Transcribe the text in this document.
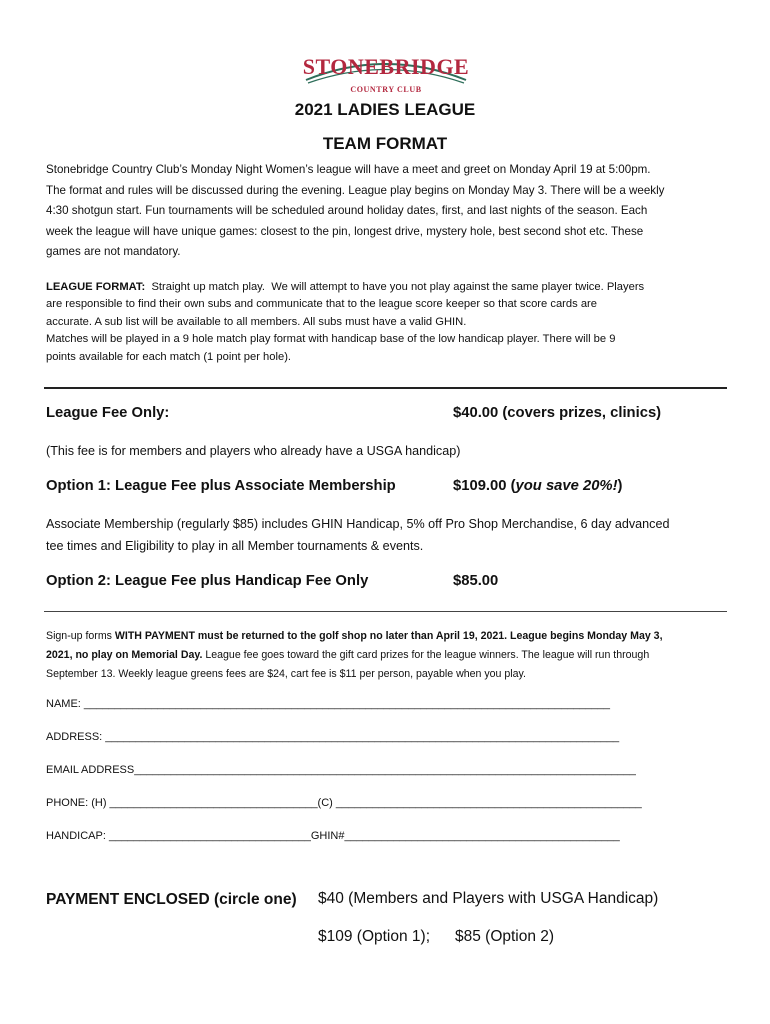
STONEBRIDGE
COUNTRY CLUB
2021 LADIES LEAGUE
TEAM FORMAT
Stonebridge Country Club’s Monday Night Women’s league will have a meet and greet on Monday April 19 at 5:00pm.
The format and rules will be discussed during the evening. League play begins on Monday May 3. There will be a weekly
4:30 shotgun start. Fun tournaments will be scheduled around holiday dates, first, and last nights of the season. Each
week the league will have unique games: closest to the pin, longest drive, mystery hole, best second shot etc. These
games are not mandatory.
LEAGUE FORMAT:  Straight up match play.  We will attempt to have you not play against the same player twice. Players
are responsible to find their own subs and communicate that to the league score keeper so that score cards are
accurate. A sub list will be available to all members. All subs must have a valid GHIN.
Matches will be played in a 9 hole match play format with handicap base of the low handicap player. There will be 9
points available for each match (1 point per hole).
League Fee Only:	$40.00 (covers prizes, clinics)
(This fee is for members and players who already have a USGA handicap)
Option 1: League Fee plus Associate Membership	$109.00 (you save 20%!)
Associate Membership (regularly $85) includes GHIN Handicap, 5% off Pro Shop Merchandise, 6 day advanced
tee times and Eligibility to play in all Member tournaments & events.
Option 2: League Fee plus Handicap Fee Only	$85.00
Sign-up forms WITH PAYMENT must be returned to the golf shop no later than April 19, 2021. League begins Monday May 3,
2021, no play on Memorial Day. League fee goes toward the gift card prizes for the league winners. The league will run through
September 13. Weekly league greens fees are $24, cart fee is $11 per person, payable when you play.
NAME: ______________________________________________________________________________________
ADDRESS: ____________________________________________________________________________________
EMAIL ADDRESS__________________________________________________________________________________
PHONE: (H) __________________________________(C) __________________________________________________
HANDICAP: _________________________________GHIN#_____________________________________________
PAYMENT ENCLOSED (circle one) $40 (Members and Players with USGA Handicap)
$109 (Option 1); $85 (Option 2)
